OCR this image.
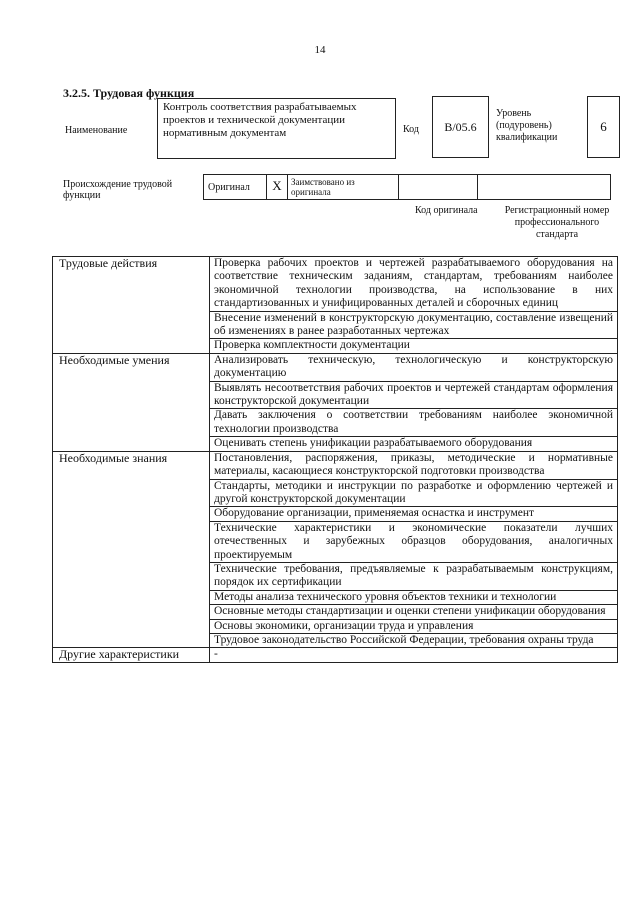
14
3.2.5. Трудовая функция
Наименование
Контроль соответствия разрабатываемых проектов и технической документации нормативным документам	Код	В/05.6
Уровень (подуровень) квалификации
6
Происхождение трудовой функции
Оригинал	X	Заимствовано из оригинала
Код оригинала	Регистрационный номер профессионального стандарта
Трудовые действия	Проверка рабочих проектов и чертежей разрабатываемого оборудования на соответствие техническим заданиям, стандартам, требованиям наиболее экономичной технологии производства, на использование в них стандартизованных и унифицированных деталей и сборочных единиц
	Внесение изменений в конструкторскую документацию, составление извещений об изменениях в ранее разработанных чертежах
	Проверка комплектности документации
Необходимые умения	Анализировать техническую, технологическую и конструкторскую документацию
	Выявлять несоответствия рабочих проектов и чертежей стандартам оформления конструкторской документации
	Давать заключения о соответствии требованиям наиболее экономичной технологии производства
	Оценивать степень унификации разрабатываемого оборудования
Необходимые знания	Постановления, распоряжения, приказы, методические и нормативные материалы, касающиеся конструкторской подготовки производства
	Стандарты, методики и инструкции по разработке и оформлению чертежей и другой конструкторской документации
	Оборудование организации, применяемая оснастка и инструмент
	Технические характеристики и экономические показатели лучших отечественных и зарубежных образцов оборудования, аналогичных проектируемым
	Технические требования, предъявляемые к разрабатываемым конструкциям, порядок их сертификации
	Методы анализа технического уровня объектов техники и технологии
	Основные методы стандартизации и оценки степени унификации оборудования
	Основы экономики, организации труда и управления
	Трудовое законодательство Российской Федерации, требования охраны труда
Другие характеристики	-
